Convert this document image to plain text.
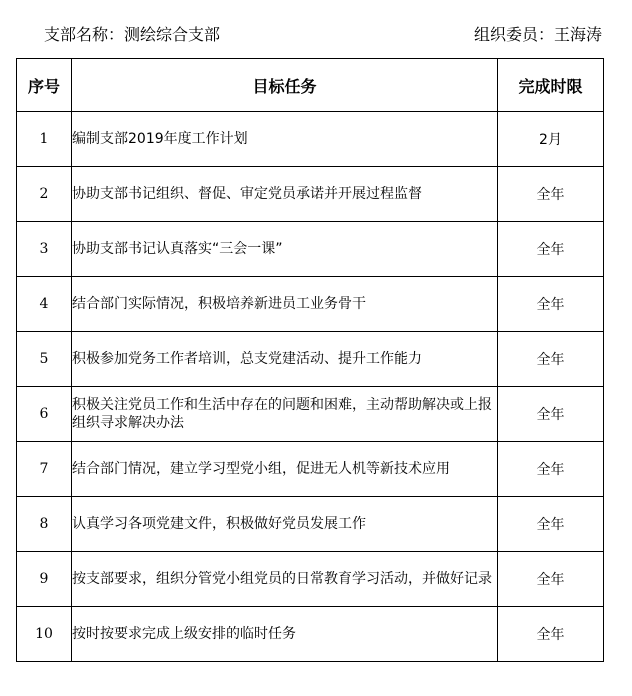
支部名称：测绘综合支部	组织委员：王海涛
序号	目标任务	完成时限
1	编制支部2019年度工作计划	2月
2	协助支部书记组织、督促、审定党员承诺并开展过程监督	全年
3	协助支部书记认真落实“三会一课”	全年
4	结合部门实际情况，积极培养新进员工业务骨干	全年
5	积极参加党务工作者培训，总支党建活动、提升工作能力	全年
6	积极关注党员工作和生活中存在的问题和困难，主动帮助解决或上报组织寻求解决办法	全年
7	结合部门情况，建立学习型党小组，促进无人机等新技术应用	全年
8	认真学习各项党建文件，积极做好党员发展工作	全年
9	按支部要求，组织分管党小组党员的日常教育学习活动，并做好记录	全年
10	按时按要求完成上级安排的临时任务	全年
